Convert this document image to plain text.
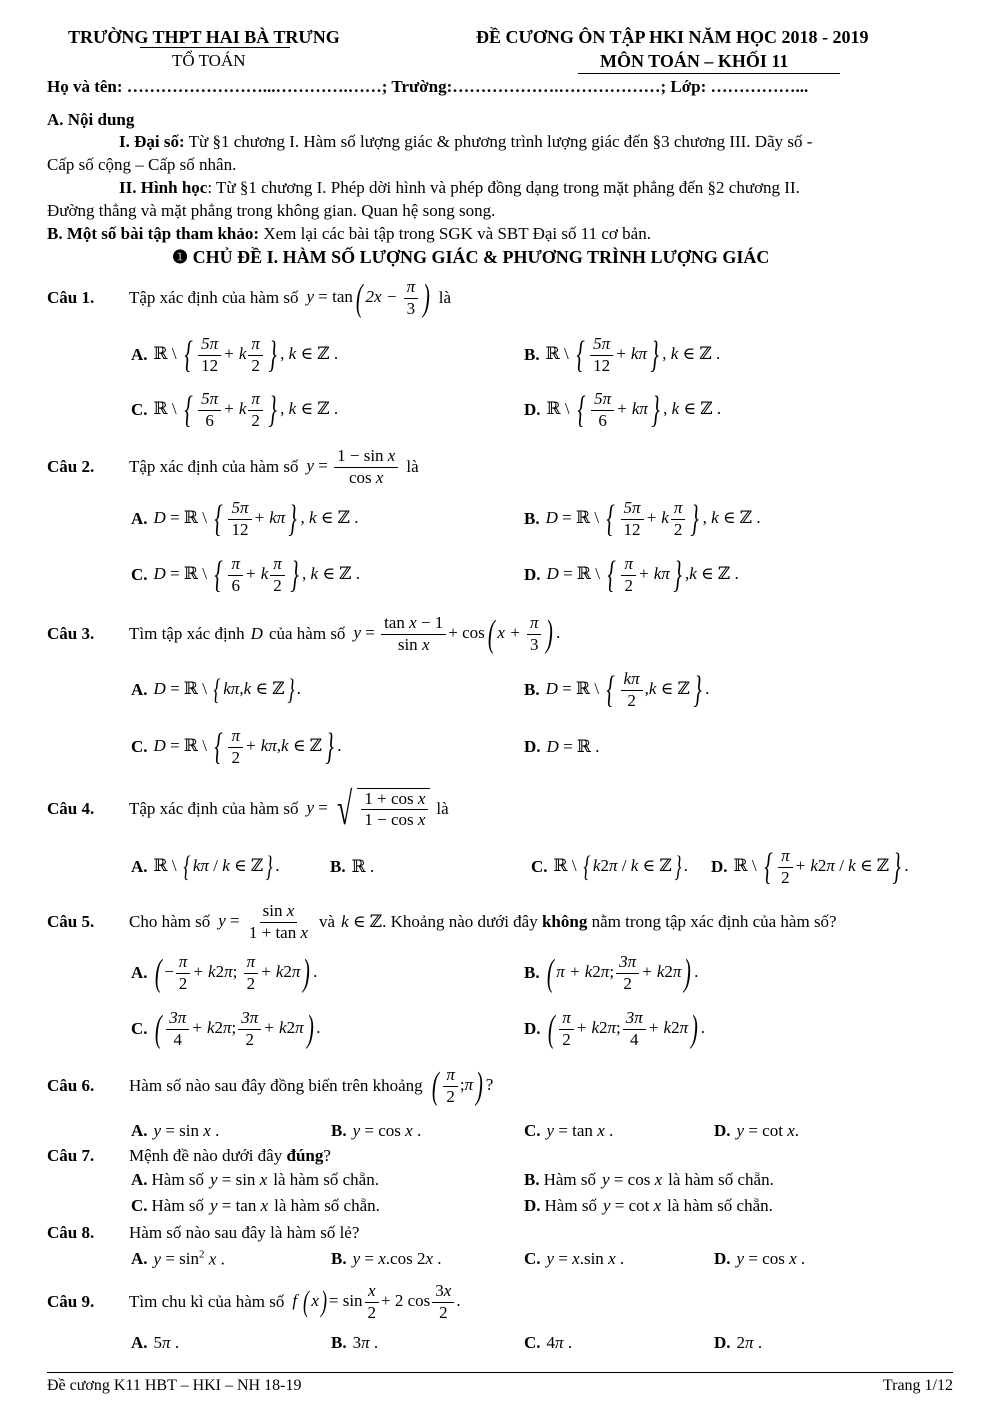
TRƯỜNG THPT HAI BÀ TRƯNG
TỔ TOÁN
ĐỀ CƯƠNG ÔN TẬP HKI NĂM HỌC 2018 - 2019
MÔN TOÁN – KHỐI 11
Họ và tên: ……………………...………….……; Trường:……………….………………; Lớp: ……………...
A. Nội dung
I. Đại số: Từ §1 chương I. Hàm số lượng giác & phương trình lượng giác đến §3 chương III. Dãy số -
Cấp số cộng – Cấp số nhân.
II. Hình học: Từ §1 chương I. Phép dời hình và phép đồng dạng trong mặt phẳng đến §2 chương II.
Đường thẳng và mặt phẳng trong không gian. Quan hệ song song.
B. Một số bài tập tham khảo: Xem lại các bài tập trong SGK và SBT Đại số 11 cơ bản.
❶ CHỦ ĐỀ I. HÀM SỐ LƯỢNG GIÁC & PHƯƠNG TRÌNH LƯỢNG GIÁC
Câu 1.	Tập xác định của hàm số y = tan( $2x - \frac{\pi}{3}$ ) là
A. ℝ \ { $\frac{5\pi}{12} + k \frac{\pi}{2}$ } , k ∈ ℤ .	B. ℝ \ { $\frac{5\pi}{12} + k\pi$} , k ∈ ℤ .
C. ℝ \ { $\frac{5\pi}{6} + k \frac{\pi}{2}$ } , k ∈ ℤ .	D. ℝ \ { $\frac{5\pi}{6} + k\pi$} , k ∈ ℤ .
Câu 2.	Tập xác định của hàm số $y = \frac{\text{1 − sin x}}{\text{cos x}}$ là
A. D = ℝ \ { $\frac{5\pi}{12} + k\pi$} , k ∈ ℤ .	B. D = ℝ \ { $\frac{5\pi}{12} + k \frac{\pi}{2}$ } , k ∈ ℤ .
C. D = ℝ \ { $\frac{\pi}{6} + k \frac{\pi}{2}$ } , k ∈ ℤ .	D. D = ℝ \ { $\frac{\pi}{2} + k\pi$} ,k ∈ ℤ .
Câu 3.	Tìm tập xác định D của hàm số $y = \frac{\text{tan x − 1}}{\text{sin x}} + \cos$( $x + \frac{\pi}{3}$ ) .
A. D = ℝ \ { kπ,k ∈ ℤ} .	B. D = ℝ \ { $\frac{k\pi}{2} ,k$ ∈ ℤ} .
C. D = ℝ \ { $\frac{\pi}{2} + k\pi,k$ ∈ ℤ} .	D. D = ℝ .
Câu 4.	Tập xác định của hàm số y = √ $\frac{\text{1 + cos x}}{\text{1 − cos x}}$ là
A. ℝ \ { kπ / k ∈ ℤ} .	B. ℝ .	C. ℝ \ { k2π / k ∈ ℤ} . D. ℝ \ { $\frac{\pi}{2} + k2\pi / k$ ∈ ℤ} .
Câu 5.	Cho hàm số $y = \frac{\text{sin x}}{\text{1 + tan x}}$ và k ∈ ℤ . Khoảng nào dưới đây không nằm trong tập xác định của hàm số?
A. ( − $\frac{\pi}{2} + k2\pi$; $\frac{\pi}{2} + k2\pi$) .	B. ( π + k2π; $\frac{3\pi}{2} + k2\pi$) .
C. ( $\frac{3\pi}{4} + k2\pi$; $\frac{3\pi}{2} + k2\pi$) .	D. ( $\frac{\pi}{2} + k2\pi$; $\frac{3\pi}{4} + k2\pi$) .
Câu 6.	Hàm số nào sau đây đồng biến trên khoảng ( $\frac{\pi}{2}$ ;π) ?
A. y = sin x .	B. y = cos x .	C. y = tan x .	D. y = cot x.
Câu 7.	Mệnh đề nào dưới đây đúng ?
A. Hàm số y = sin x là hàm số chẵn.	B. Hàm số y = cos x là hàm số chẵn.
C. Hàm số y = tan x là hàm số chẵn.	D. Hàm số y = cot x là hàm số chẵn.
Câu 8.	Hàm số nào sau đây là hàm số lẻ?
A. $y = \sin^2 x$ .	B. y = x.cos 2x .	C. y = x.sin x .	D. y = cos x .
Câu 9.	Tìm chu kì của hàm số f ( $x) = \sin \frac{x}{2} + 2$ $\cos \frac{3x}{2}$ .
A. 5π .	B. 3π .	C. 4π .	D. 2π .
Đề cương K11 HBT – HKI – NH 18-19	Trang 1/12
